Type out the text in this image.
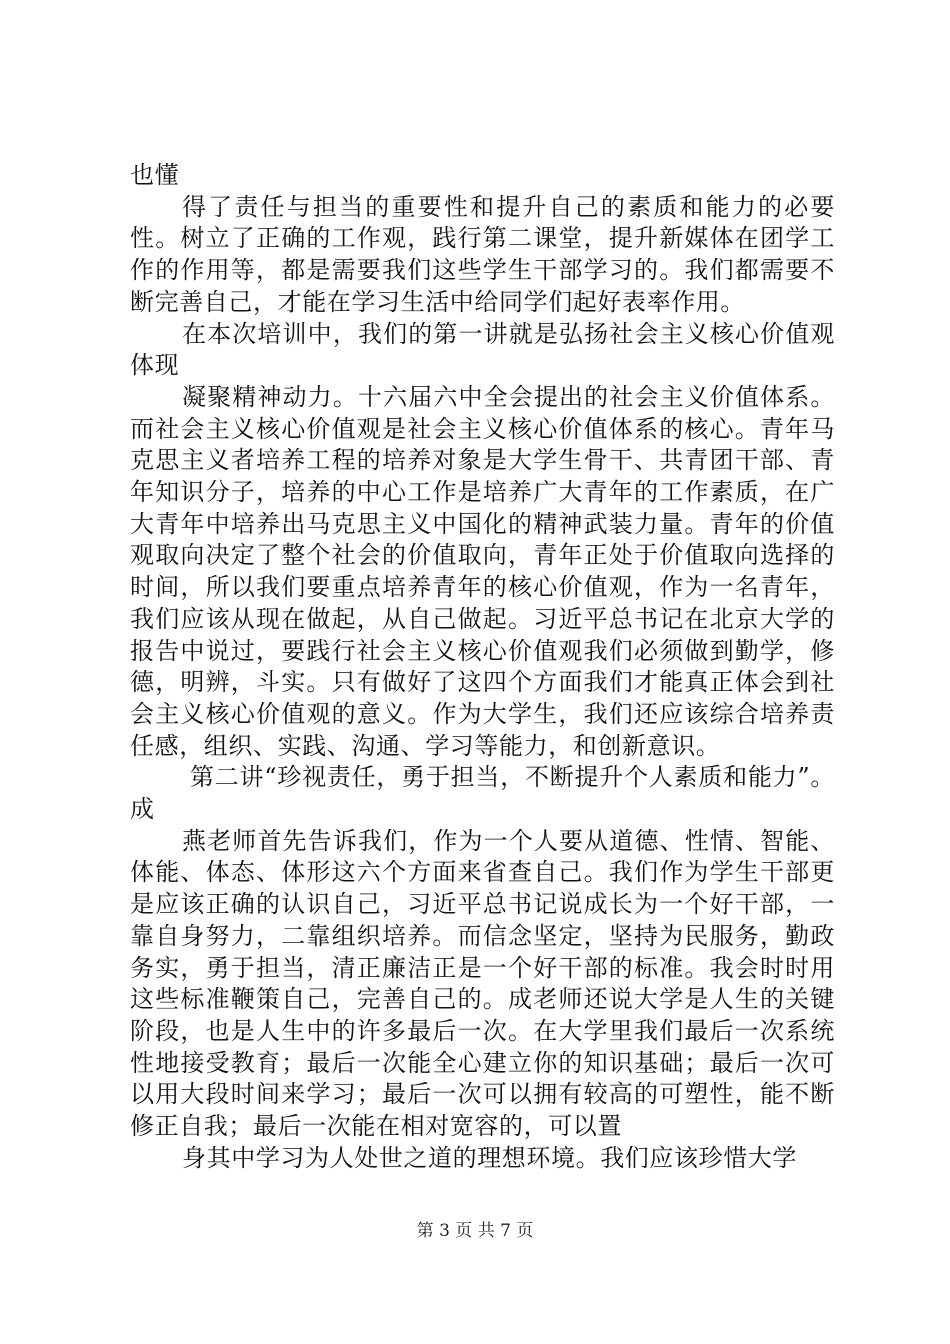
也懂

得了责任与担当的重要性和提升自己的素质和能力的必要性。树立了正确的工作观，践行第二课堂，提升新媒体在团学工作的作用等，都是需要我们这些学生干部学习的。我们都需要不断完善自己，才能在学习生活中给同学们起好表率作用。

在本次培训中，我们的第一讲就是弘扬社会主义核心价值观体现

凝聚精神动力。十六届六中全会提出的社会主义价值体系。而社会主义核心价值观是社会主义核心价值体系的核心。青年马克思主义者培养工程的培养对象是大学生骨干、共青团干部、青年知识分子，培养的中心工作是培养广大青年的工作素质，在广大青年中培养出马克思主义中国化的精神武装力量。青年的价值观取向决定了整个社会的价值取向，青年正处于价值取向选择的时间，所以我们要重点培养青年的核心价值观，作为一名青年，我们应该从现在做起，从自己做起。习近平总书记在北京大学的报告中说过，要践行社会主义核心价值观我们必须做到勤学，修德，明辨，斗实。只有做好了这四个方面我们才能真正体会到社会主义核心价值观的意义。作为大学生，我们还应该综合培养责任感，组织、实践、沟通、学习等能力，和创新意识。

第二讲“珍视责任，勇于担当，不断提升个人素质和能力”。成

燕老师首先告诉我们，作为一个人要从道德、性情、智能、体能、体态、体形这六个方面来省查自己。我们作为学生干部更是应该正确的认识自己，习近平总书记说成长为一个好干部，一靠自身努力，二靠组织培养。而信念坚定，坚持为民服务，勤政务实，勇于担当，清正廉洁正是一个好干部的标准。我会时时用这些标准鞭策自己，完善自己的。成老师还说大学是人生的关键阶段，也是人生中的许多最后一次。在大学里我们最后一次系统性地接受教育；最后一次能全心建立你的知识基础；最后一次可以用大段时间来学习；最后一次可以拥有较高的可塑性，能不断修正自我；最后一次能在相对宽容的，可以置

身其中学习为人处世之道的理想环境。我们应该珍惜大学

第 3 页 共 7 页
